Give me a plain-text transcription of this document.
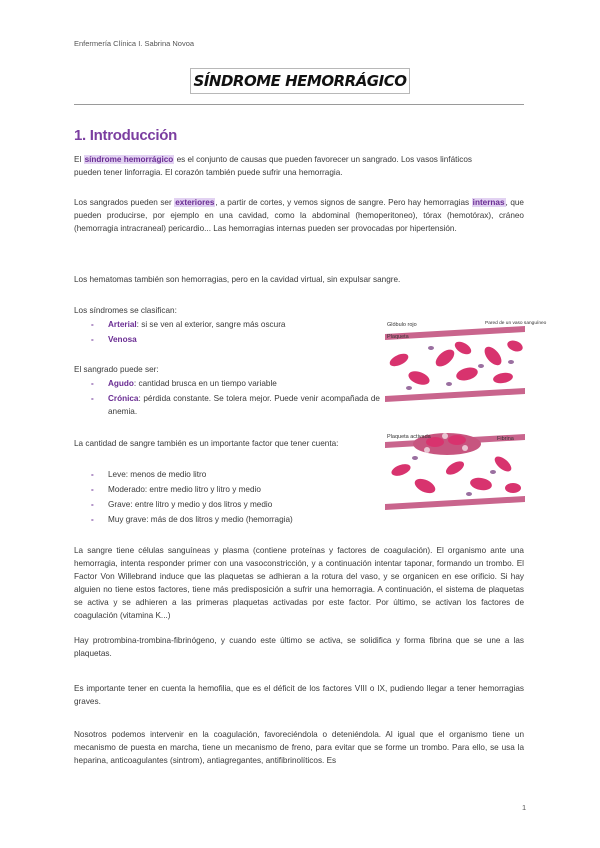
Enfermería Clínica I. Sabrina Novoa
SÍNDROME HEMORRÁGICO
1. Introducción
El síndrome hemorrágico es el conjunto de causas que pueden favorecer un sangrado. Los vasos linfáticos
pueden tener linforragia. El corazón también puede sufrir una hemorragia.
Los sangrados pueden ser exteriores, a partir de cortes, y vemos signos de sangre. Pero hay hemorragias internas, que pueden producirse, por ejemplo en una cavidad, como la abdominal (hemoperitoneo), tórax (hemotórax), cráneo (hemorragia intracraneal) pericardio... Las hemorragias internas pueden ser provocadas por hipertensión.
Los hematomas también son hemorragias, pero en la cavidad virtual, sin expulsar sangre.
Los síndromes se clasifican:
- Arterial: si se ven al exterior, sangre más oscura
- Venosa
El sangrado puede ser:
- Agudo: cantidad brusca en un tiempo variable
-	Crónica: pérdida constante. Se tolera mejor. Puede venir acompañada de anemia.
La cantidad de sangre también es un importante factor que tener cuenta:
- Leve: menos de medio litro
- Moderado: entre medio litro y litro y medio
- Grave: entre litro y medio y dos litros y medio
- Muy grave: más de dos litros y medio (hemorragia)
Glóbulo rojo
Plaqueta
Pared de un vaso sanguíneo
Plaqueta activada	Fibrina
La sangre tiene células sanguíneas y plasma (contiene proteínas y factores de coagulación). El organismo ante una hemorragia, intenta responder primer con una vasoconstricción, y a continuación intentar taponar, formando un trombo. El Factor Von Willebrand induce que las plaquetas se adhieran a la rotura del vaso, y se organicen en ese orificio. Si hay alguien no tiene estos factores, tiene más predisposición a sufrir una hemorragia. A continuación, el sistema de plaquetas se activa y se adhieren a las primeras plaquetas activadas por este factor. Por último, se activan los factores de coagulación (vitamina K...)
Hay protrombina-trombina-fibrinógeno, y cuando este último se activa, se solidifica y forma fibrina que se une a las plaquetas.
Es importante tener en cuenta la hemofilia, que es el déficit de los factores VIII o IX, pudiendo llegar a tener hemorragias graves.
Nosotros podemos intervenir en la coagulación, favoreciéndola o deteniéndola. Al igual que el organismo tiene un mecanismo de puesta en marcha, tiene un mecanismo de freno, para evitar que se forme un trombo. Para ello, se usa la heparina, anticoagulantes (sintrom), antiagregantes, antifibrinolíticos. Es
1
